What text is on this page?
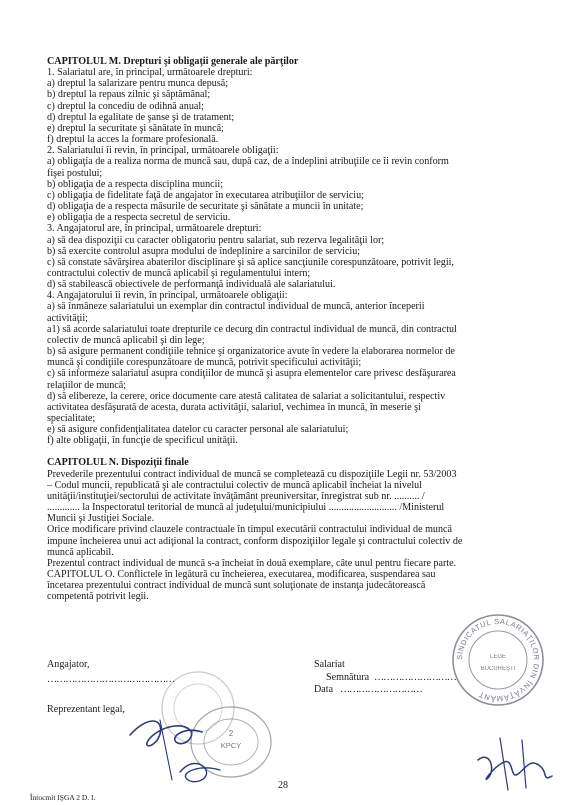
CAPITOLUL M. Drepturi şi obligaţii generale ale părţilor

1. Salariatul are, în principal, următoarele drepturi:

a) dreptul la salarizare pentru munca depusă;

b) dreptul la repaus zilnic şi săptămânal;

c) dreptul la concediu de odihnă anual;

d) dreptul la egalitate de şanse şi de tratament;

e) dreptul la securitate şi sănătate în muncă;

f) dreptul la acces la formare profesională.

2. Salariatului îi revin, în principal, următoarele obligaţii:

a) obligaţia de a realiza norma de muncă sau, după caz, de a îndeplini atribuţiile ce îi revin conform

fişei postului;

b) obligaţia de a respecta disciplina muncii;

c) obligaţia de fidelitate faţă de angajator în executarea atribuţiilor de serviciu;

d) obligaţia de a respecta măsurile de securitate şi sănătate a muncii în unitate;

e) obligaţia de a respecta secretul de serviciu.

3. Angajatorul are, în principal, următoarele drepturi:

a) să dea dispoziţii cu caracter obligatoriu pentru salariat, sub rezerva legalităţii lor;

b) să exercite controlul asupra modului de îndeplinire a sarcinilor de serviciu;

c) să constate săvârşirea abaterilor disciplinare şi să aplice sancţiunile corespunzătoare, potrivit legii,

contractului colectiv de muncă aplicabil şi regulamentului intern;

d) să stabilească obiectivele de performanţă individuală ale salariatului.

4. Angajatorului îi revin, în principal, următoarele obligaţii:

a) să înmâneze salariatului un exemplar din contractul individual de muncă, anterior începerii

activităţii;

a1) să acorde salariatului toate drepturile ce decurg din contractul individual de muncă, din contractul

colectiv de muncă aplicabil şi din lege;

b) să asigure permanent condiţiile tehnice şi organizatorice avute în vedere la elaborarea normelor de

muncă şi condiţiile corespunzătoare de muncă, potrivit specificului activităţii;

c) să informeze salariatul asupra condiţiilor de muncă şi asupra elementelor care privesc desfăşurarea

relaţiilor de muncă;

d) să elibereze, la cerere, orice documente care atestă calitatea de salariat a solicitantului, respectiv

activitatea desfăşurată de acesta, durata activităţii, salariul, vechimea în muncă, în meserie şi

specialitate;

e) să asigure confidenţialitatea datelor cu caracter personal ale salariatului;

f) alte obligaţii, în funcţie de specificul unităţii.

CAPITOLUL N. Dispoziţii finale

Prevederile prezentului contract individual de muncă se completează cu dispoziţiile Legii nr. 53/2003

– Codul muncii, republicată şi ale contractului colectiv de muncă aplicabil încheiat la nivelul

unităţii/instituţiei/sectorului de activitate învăţământ preuniversitar, înregistrat sub nr. .......... /

............. la Inspectoratul teritorial de muncă al judeţului/municipiului ........................... /Ministerul

Muncii şi Justiţiei Sociale.

Orice modificare privind clauzele contractuale în timpul executării contractului individual de muncă

impune încheierea unui act adiţional la contract, conform dispoziţiilor legale şi contractului colectiv de

muncă aplicabil.

Prezentul contract individual de muncă s-a încheiat în două exemplare, câte unul pentru fiecare parte.

CAPITOLUL O. Conflictele în legătură cu încheierea, executarea, modificarea, suspendarea sau

încetarea prezentului contract individual de muncă sunt soluţionate de instanţa judecătorească

competentă potrivit legii.

Angajator,
……………………………………
Reprezentant legal,
Salariat
Semnătura ………………………
Data ………………………
28
Întocmit IŞGA 2 D. I.
SINDICATUL SALARIAŢILOR DIN ÎNVĂŢĂMÂNT
LEGE
BUCUREŞTI
2
KPCY
